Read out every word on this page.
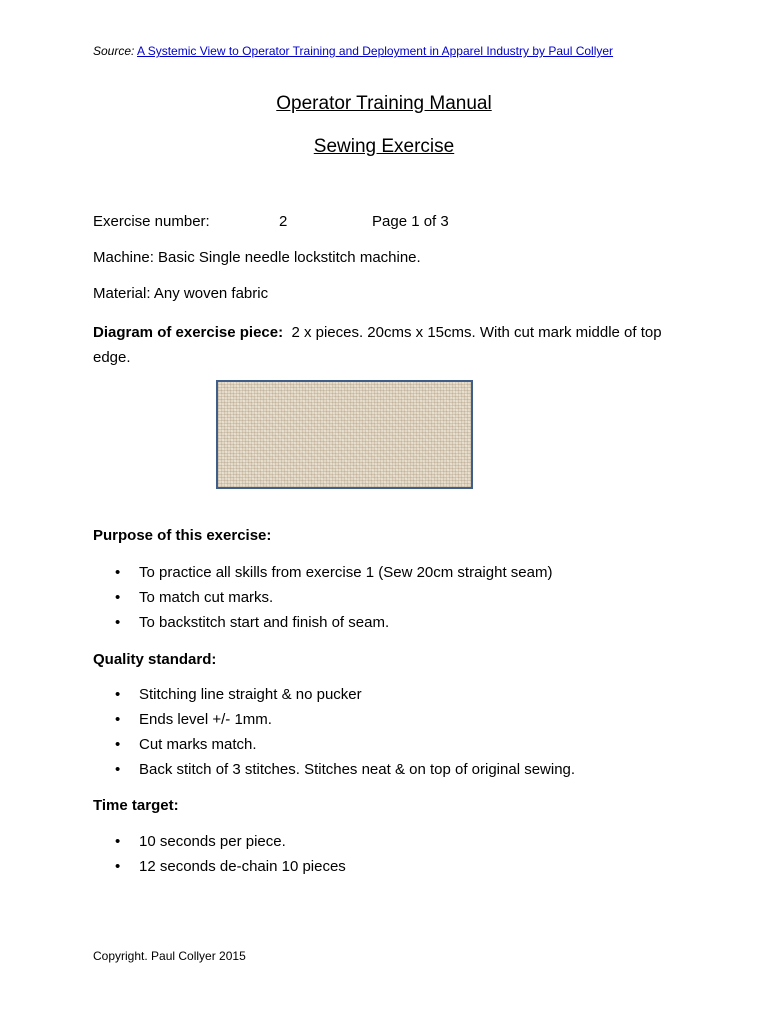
Source: A Systemic View to Operator Training and Deployment in Apparel Industry by Paul Collyer
Operator Training Manual
Sewing Exercise
Exercise number:	2	Page 1 of 3
Machine: Basic Single needle lockstitch machine.
Material: Any woven fabric
Diagram of exercise piece: 2 x pieces. 20cms x 15cms. With cut mark middle of top edge.
Purpose of this exercise:
• To practice all skills from exercise 1 (Sew 20cm straight seam)
• To match cut marks.
• To backstitch start and finish of seam.
Quality standard:
• Stitching line straight & no pucker
• Ends level +/- 1mm.
• Cut marks match.
• Back stitch of 3 stitches. Stitches neat & on top of original sewing.
Time target:
• 10 seconds per piece.
• 12 seconds de-chain 10 pieces
Copyright. Paul Collyer 2015
